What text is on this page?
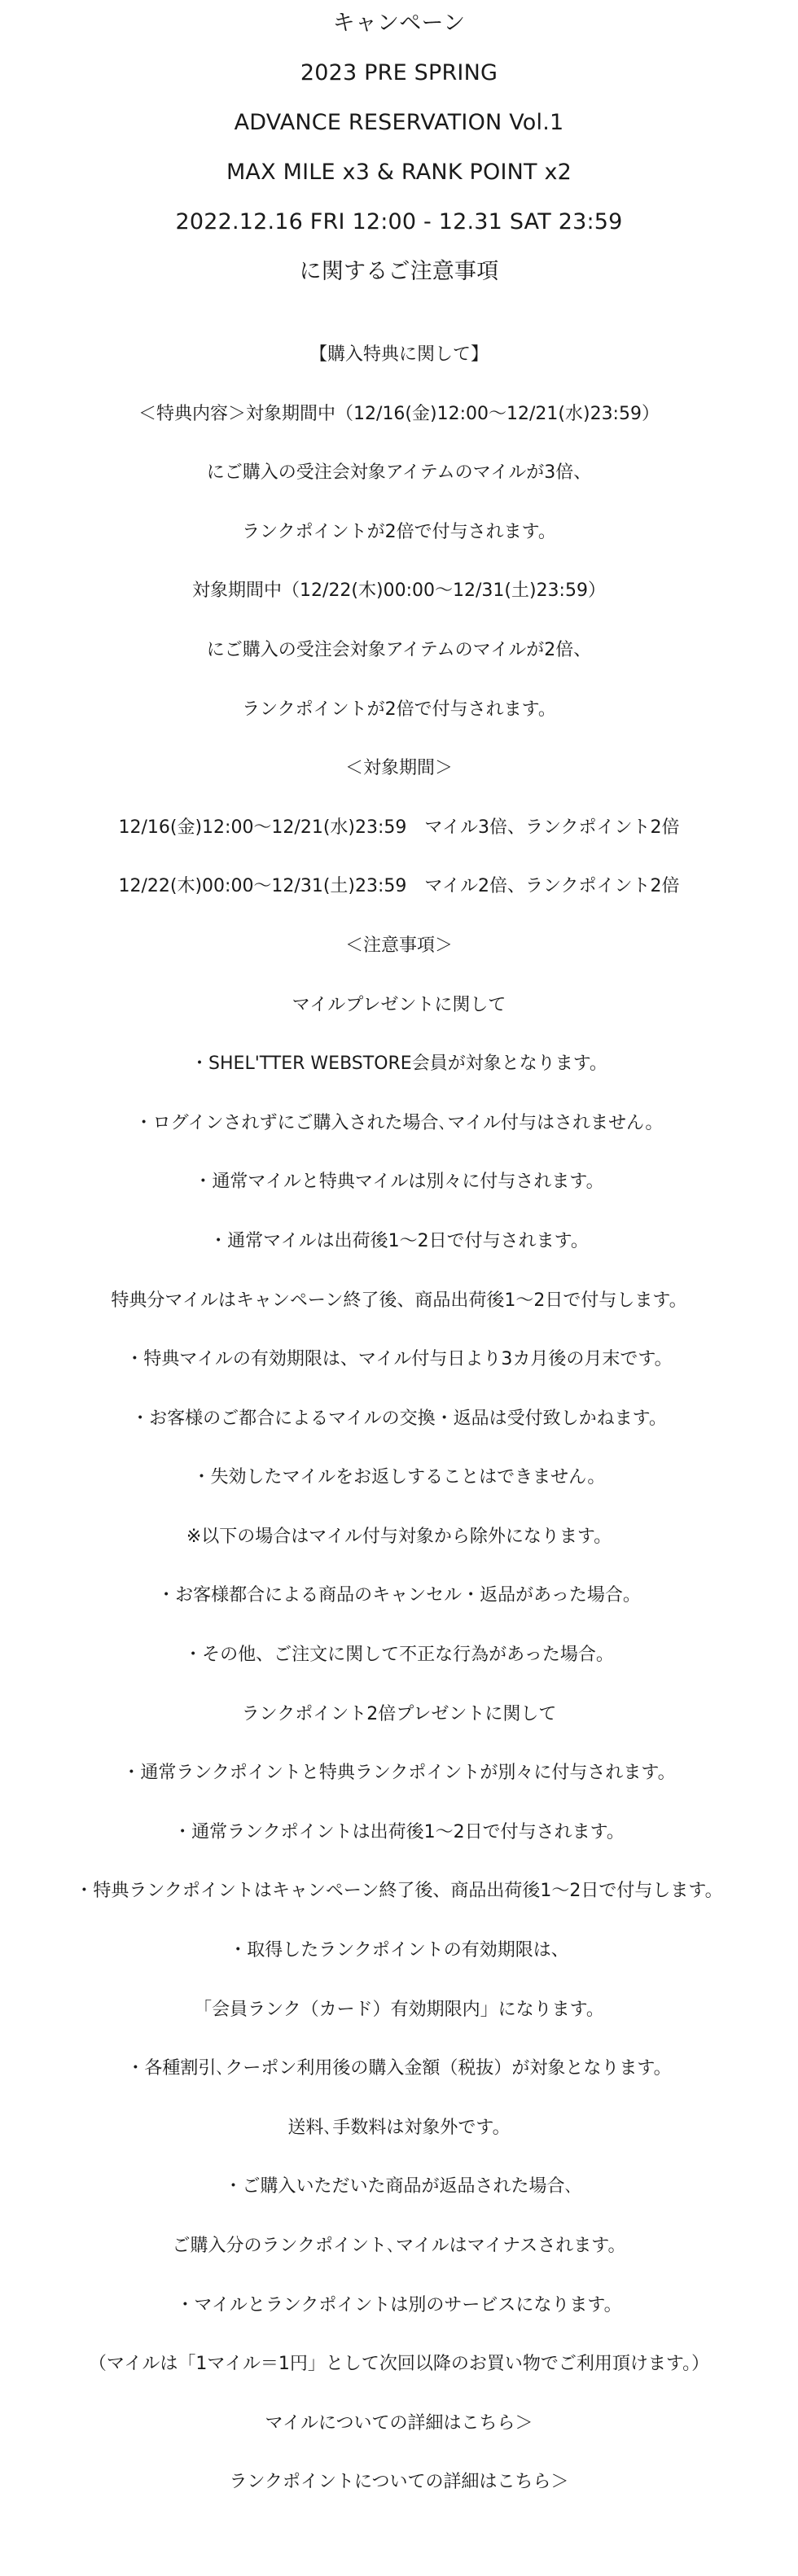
キャンペーン
2023 PRE SPRING
ADVANCE RESERVATION Vol.1
MAX MILE x3 & RANK POINT x2
2022.12.16 FRI 12:00 - 12.31 SAT 23:59
に関するご注意事項
【購入特典に関して】
＜特典内容＞対象期間中（12/16(金)12:00～12/21(水)23:59）
にご購入の受注会対象アイテムのマイルが3倍、
ランクポイントが2倍で付与されます。
対象期間中（12/22(木)00:00～12/31(土)23:59）
にご購入の受注会対象アイテムのマイルが2倍、
ランクポイントが2倍で付与されます。
＜対象期間＞
12/16(金)12:00～12/21(水)23:59　マイル3倍、ランクポイント2倍
12/22(木)00:00～12/31(土)23:59　マイル2倍、ランクポイント2倍
＜注意事項＞
マイルプレゼントに関して
・SHEL'TTER WEBSTORE会員が対象となります。
・ログインされずにご購入された場合､マイル付与はされません。
・通常マイルと特典マイルは別々に付与されます。
・通常マイルは出荷後1～2日で付与されます。
特典分マイルはキャンペーン終了後、商品出荷後1～2日で付与します。
・特典マイルの有効期限は、マイル付与日より3カ月後の月末です。
・お客様のご都合によるマイルの交換・返品は受付致しかねます。
・失効したマイルをお返しすることはできません。
※以下の場合はマイル付与対象から除外になります。
・お客様都合による商品のキャンセル・返品があった場合。
・その他、ご注文に関して不正な行為があった場合。
ランクポイント2倍プレゼントに関して
・通常ランクポイントと特典ランクポイントが別々に付与されます。
・通常ランクポイントは出荷後1～2日で付与されます。
・特典ランクポイントはキャンペーン終了後、商品出荷後1～2日で付与します。
・取得したランクポイントの有効期限は、
「会員ランク（カード）有効期限内」になります。
・各種割引､クーポン利用後の購入金額（税抜）が対象となります。
送料､手数料は対象外です。
・ご購入いただいた商品が返品された場合､
ご購入分のランクポイント､マイルはマイナスされます。
・マイルとランクポイントは別のサービスになります。
（マイルは「1マイル＝1円」として次回以降のお買い物でご利用頂けます。）
マイルについての詳細はこちら＞
ランクポイントについての詳細はこちら＞
